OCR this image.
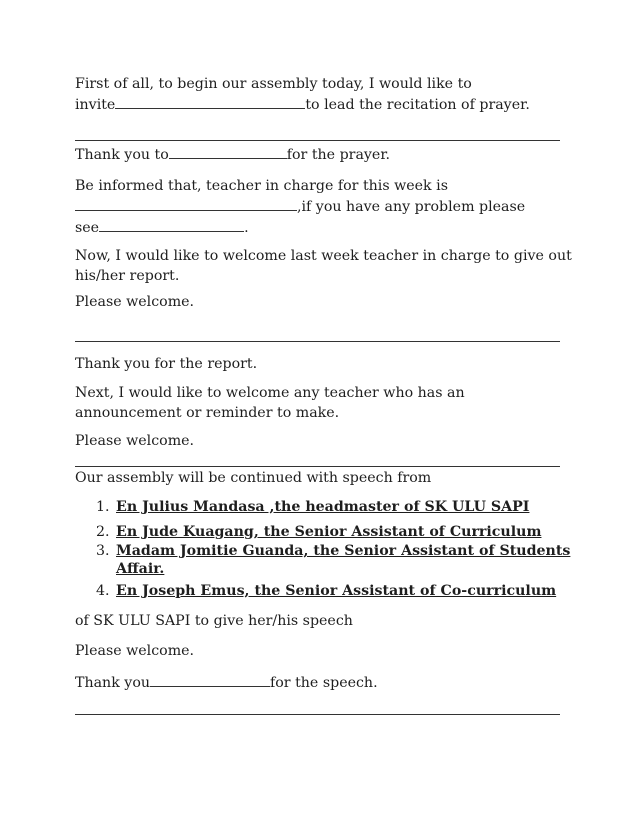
First of all, to begin our assembly today, I would like to
invite	to lead the recitation of prayer.
Thank you to	for the prayer.
Be informed that, teacher in charge for this week is
,if you have any problem please
see	.
Now, I would like to welcome last week teacher in charge to give out
his/her report.
Please welcome.
Thank you for the report.
Next, I would like to welcome any teacher who has an
announcement or reminder to make.
Please welcome.
Our assembly will be continued with speech from
1. En Julius Mandasa ,the headmaster of SK ULU SAPI
2. En Jude Kuagang, the Senior Assistant of Curriculum
3. Madam Jomitie Guanda, the Senior Assistant of Students
Affair.
4. En Joseph Emus, the Senior Assistant of Co-curriculum
of SK ULU SAPI to give her/his speech
Please welcome.
Thank you	for the speech.
